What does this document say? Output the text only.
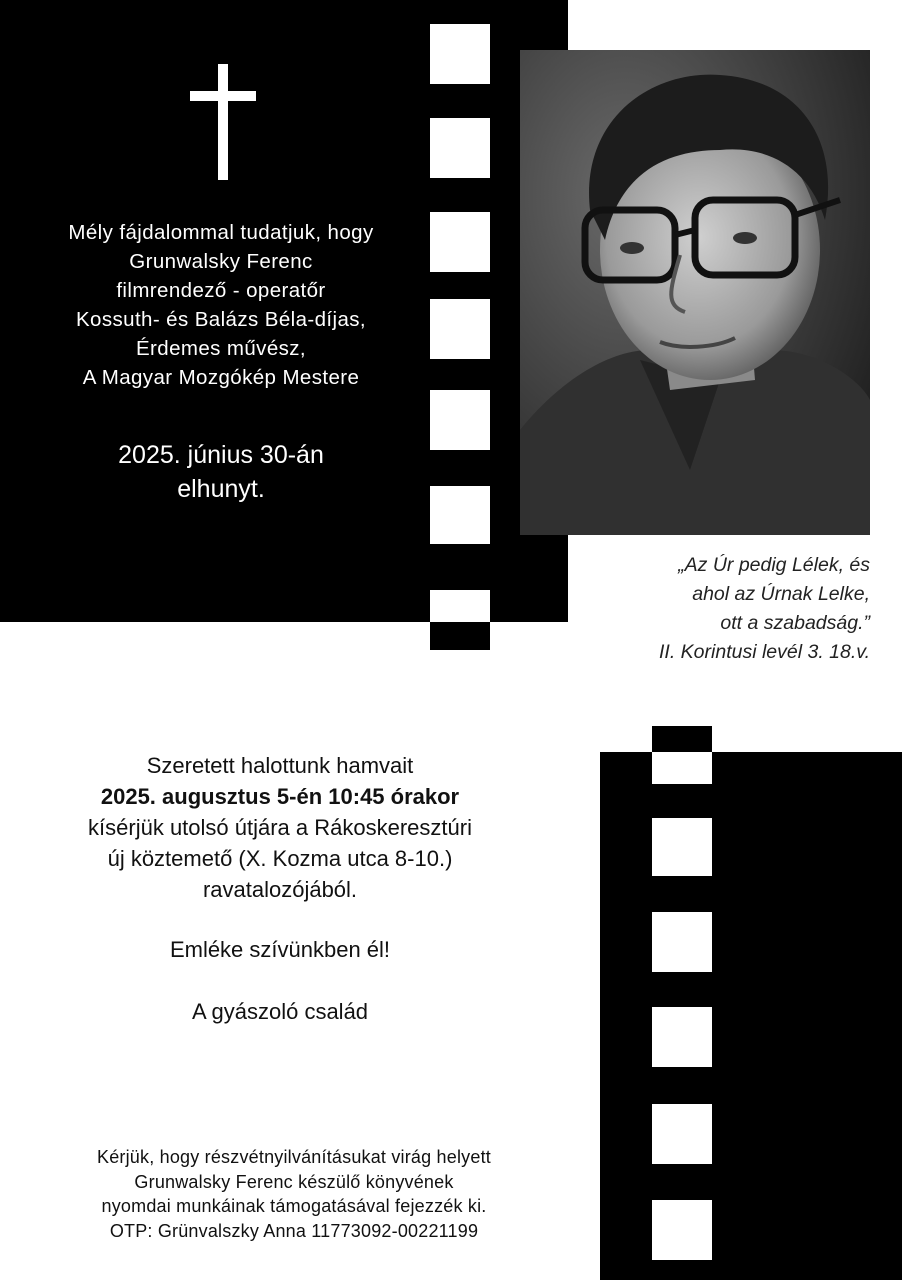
Mély fájdalommal tudatjuk, hogy
Grunwalsky Ferenc
filmrendező - operatőr
Kossuth- és Balázs Béla-díjas,
Érdemes művész,
A Magyar Mozgókép Mestere
2025. június 30-án
elhunyt.
„Az Úr pedig Lélek, és
ahol az Úrnak Lelke,
ott a szabadság.”
II. Korintusi levél 3. 18.v.
Szeretett halottunk hamvait
2025. augusztus 5-én 10:45 órakor
kísérjük utolsó útjára a Rákoskeresztúri
új köztemető (X. Kozma utca 8-10.)
ravatalozójából.
Emléke szívünkben él!
A gyászoló család
Kérjük, hogy részvétnyilvánításukat virág helyett
Grunwalsky Ferenc készülő könyvének
nyomdai munkáinak támogatásával fejezzék ki.
OTP: Grünvalszky Anna 11773092-00221199
